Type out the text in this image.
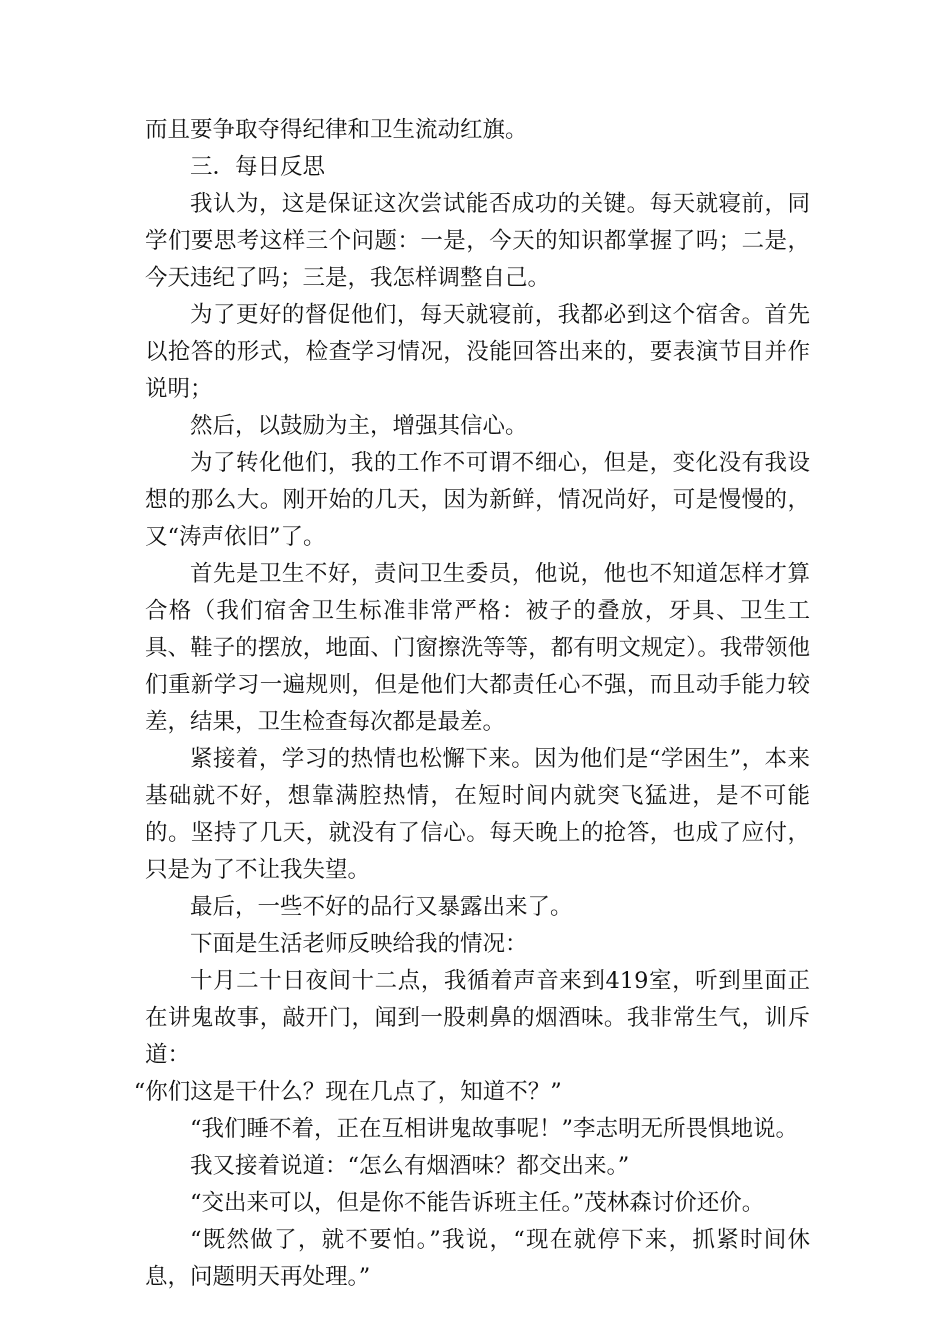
而且要争取夺得纪律和卫生流动红旗。

三．每日反思

我认为，这是保证这次尝试能否成功的关键。每天就寝前，同学们要思考这样三个问题：一是，今天的知识都掌握了吗；二是，今天违纪了吗；三是，我怎样调整自己。

为了更好的督促他们，每天就寝前，我都必到这个宿舍。首先以抢答的形式，检查学习情况，没能回答出来的，要表演节目并作说明；

然后，以鼓励为主，增强其信心。

为了转化他们，我的工作不可谓不细心，但是，变化没有我设想的那么大。刚开始的几天，因为新鲜，情况尚好，可是慢慢的，又“涛声依旧”了。

首先是卫生不好，责问卫生委员，他说，他也不知道怎样才算合格（我们宿舍卫生标准非常严格：被子的叠放，牙具、卫生工具、鞋子的摆放，地面、门窗擦洗等等，都有明文规定）。我带领他们重新学习一遍规则，但是他们大都责任心不强，而且动手能力较差，结果，卫生检查每次都是最差。

紧接着，学习的热情也松懈下来。因为他们是“学困生”，本来基础就不好，想靠满腔热情，在短时间内就突飞猛进，是不可能的。坚持了几天，就没有了信心。每天晚上的抢答，也成了应付，只是为了不让我失望。

最后，一些不好的品行又暴露出来了。

下面是生活老师反映给我的情况：

十月二十日夜间十二点，我循着声音来到419室，听到里面正在讲鬼故事，敲开门，闻到一股刺鼻的烟酒味。我非常生气，训斥道：

“你们这是干什么？现在几点了，知道不？”

“我们睡不着，正在互相讲鬼故事呢！”李志明无所畏惧地说。

我又接着说道：“怎么有烟酒味？都交出来。”

“交出来可以，但是你不能告诉班主任。”茂林森讨价还价。

“既然做了，就不要怕。”我说，“现在就停下来，抓紧时间休息，问题明天再处理。”
